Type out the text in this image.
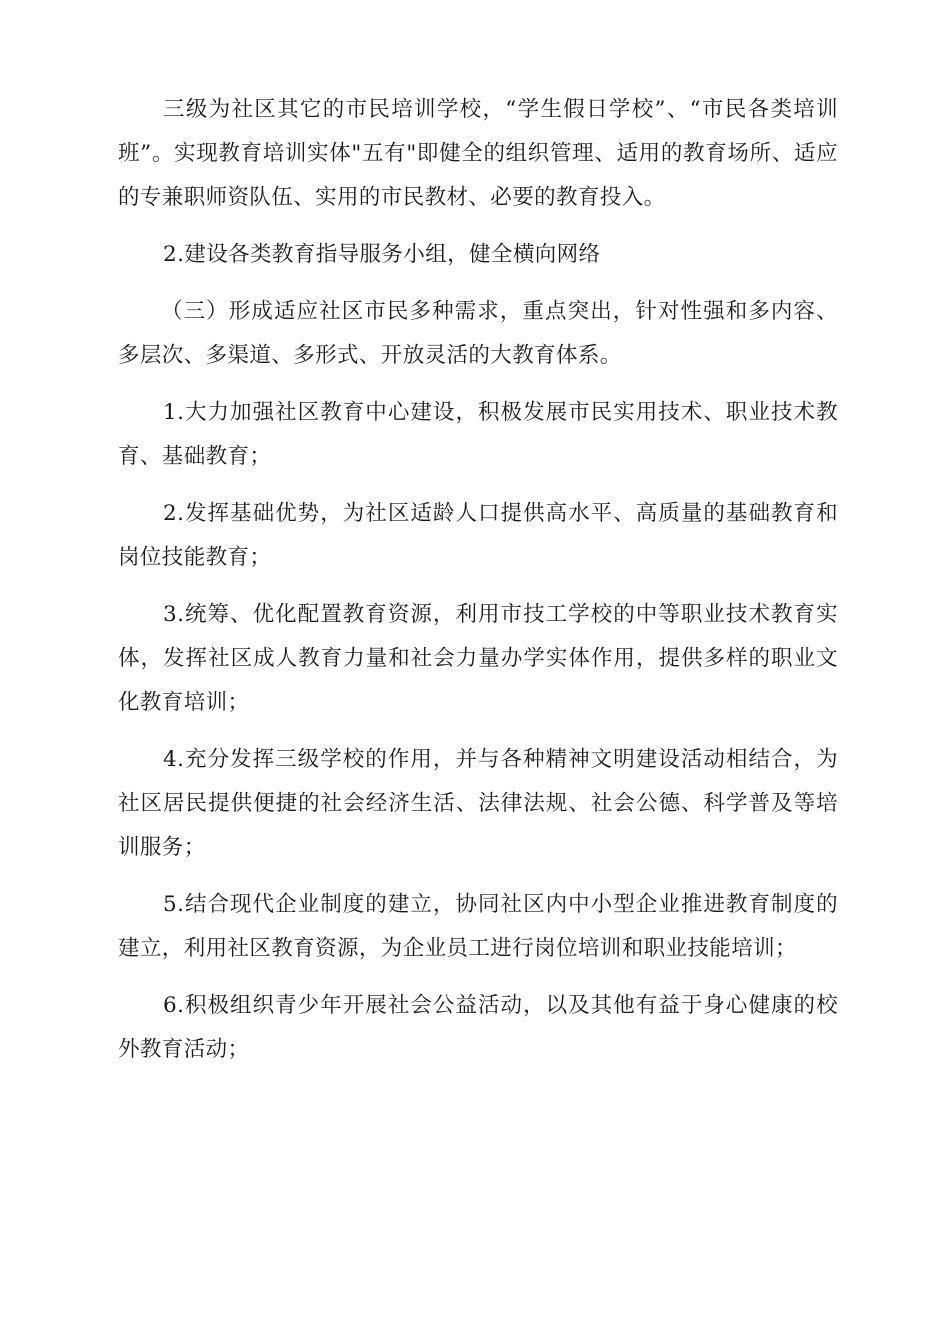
三级为社区其它的市民培训学校，“学生假日学校”、“市民各类培训班”。实现教育培训实体"五有"即健全的组织管理、适用的教育场所、适应的专兼职师资队伍、实用的市民教材、必要的教育投入。

2.建设各类教育指导服务小组，健全横向网络

（三）形成适应社区市民多种需求，重点突出，针对性强和多内容、多层次、多渠道、多形式、开放灵活的大教育体系。

1.大力加强社区教育中心建设，积极发展市民实用技术、职业技术教育、基础教育；

2.发挥基础优势，为社区适龄人口提供高水平、高质量的基础教育和岗位技能教育；

3.统筹、优化配置教育资源，利用市技工学校的中等职业技术教育实体，发挥社区成人教育力量和社会力量办学实体作用，提供多样的职业文化教育培训；

4.充分发挥三级学校的作用，并与各种精神文明建设活动相结合，为社区居民提供便捷的社会经济生活、法律法规、社会公德、科学普及等培训服务；

5.结合现代企业制度的建立，协同社区内中小型企业推进教育制度的建立，利用社区教育资源，为企业员工进行岗位培训和职业技能培训；

6.积极组织青少年开展社会公益活动，以及其他有益于身心健康的校外教育活动；
